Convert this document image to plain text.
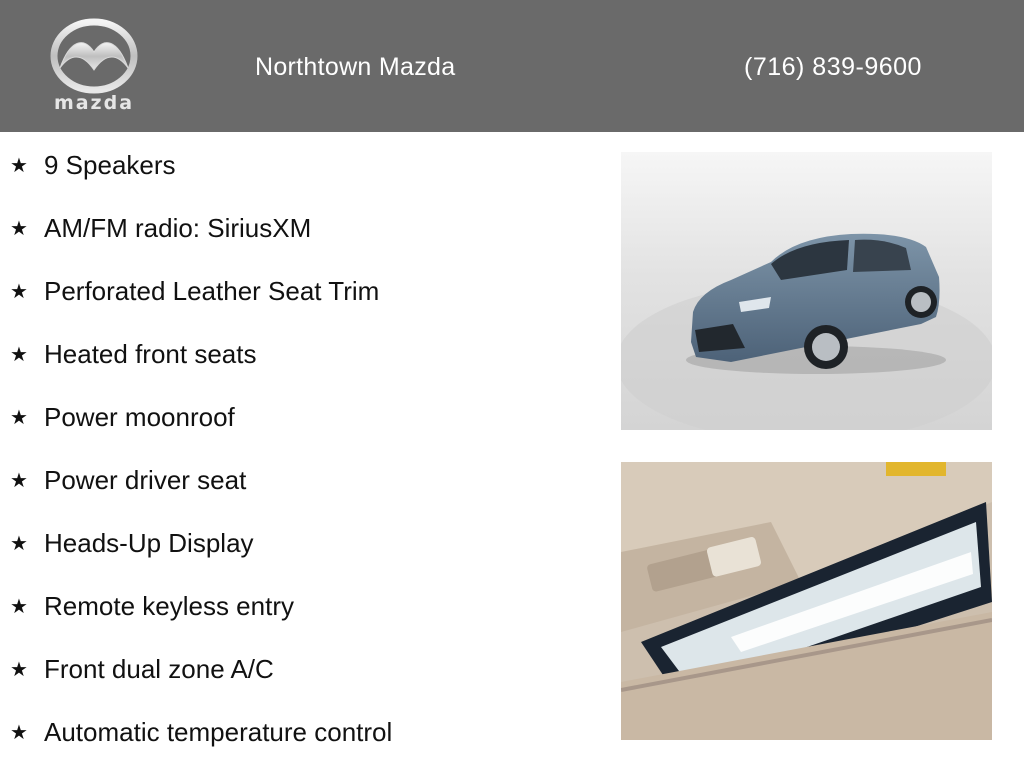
mazda
Northtown Mazda	(716) 839-9600
★ 9 Speakers
★ AM/FM radio: SiriusXM
★ Perforated Leather Seat Trim
★ Heated front seats
★ Power moonroof
★ Power driver seat
★ Heads-Up Display
★ Remote keyless entry
★ Front dual zone A/C
★ Automatic temperature control
